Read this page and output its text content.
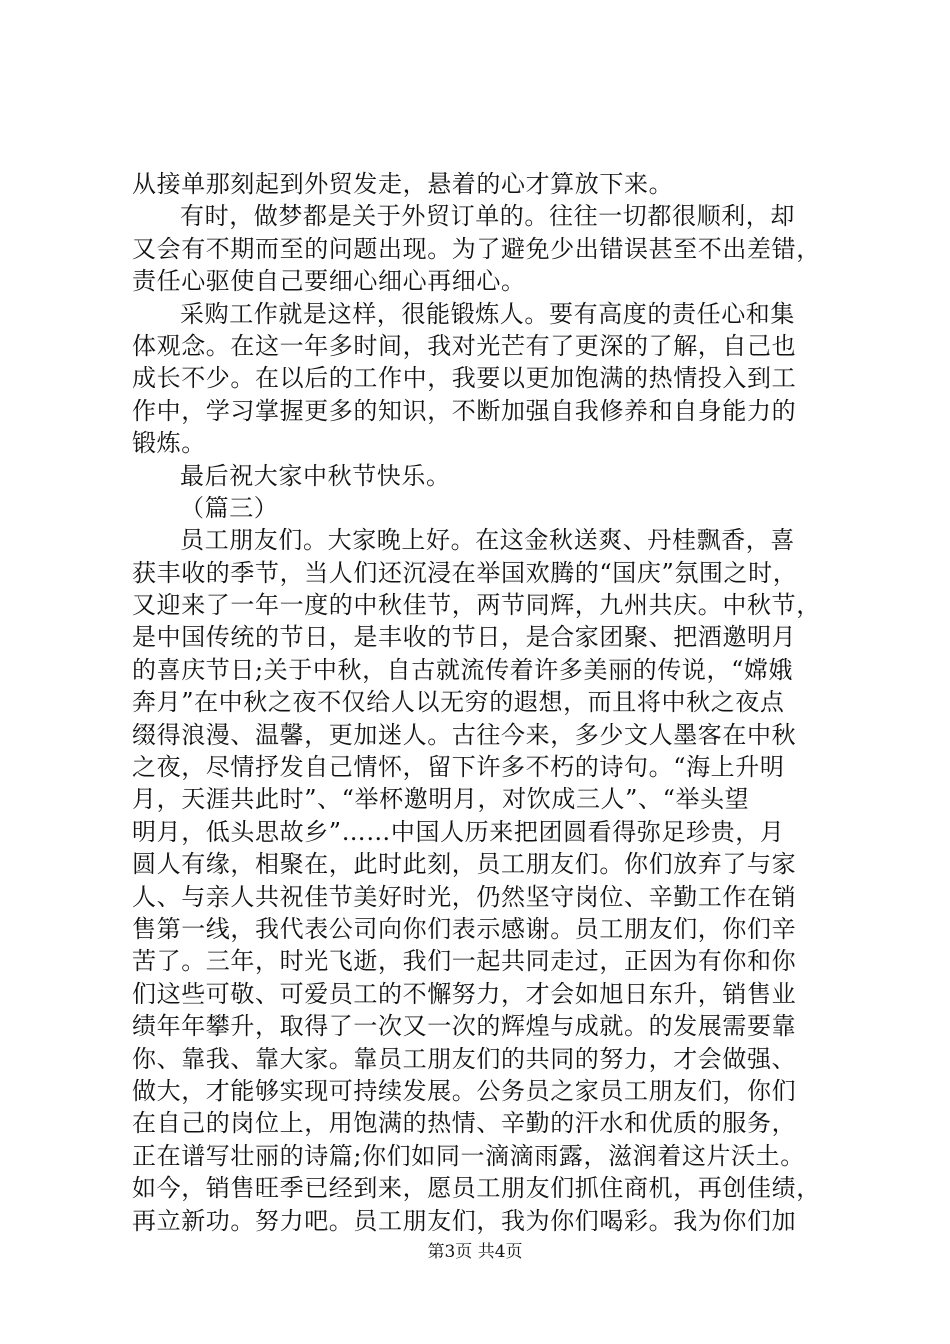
从接单那刻起到外贸发走，悬着的心才算放下来。
有时，做梦都是关于外贸订单的。往往一切都很顺利，却
又会有不期而至的问题出现。为了避免少出错误甚至不出差错，
责任心驱使自己要细心细心再细心。
采购工作就是这样，很能锻炼人。要有高度的责任心和集
体观念。在这一年多时间，我对光芒有了更深的了解，自己也
成长不少。在以后的工作中，我要以更加饱满的热情投入到工
作中，学习掌握更多的知识，不断加强自我修养和自身能力的
锻炼。
最后祝大家中秋节快乐。
（篇三）
员工朋友们。大家晚上好。在这金秋送爽、丹桂飘香，喜
获丰收的季节，当人们还沉浸在举国欢腾的“国庆”氛围之时，
又迎来了一年一度的中秋佳节，两节同辉，九州共庆。中秋节，
是中国传统的节日，是丰收的节日，是合家团聚、把酒邀明月
的喜庆节日;关于中秋，自古就流传着许多美丽的传说，“嫦娥
奔月”在中秋之夜不仅给人以无穷的遐想，而且将中秋之夜点
缀得浪漫、温馨，更加迷人。古往今来，多少文人墨客在中秋
之夜，尽情抒发自己情怀，留下许多不朽的诗句。“海上升明
月，天涯共此时”、“举杯邀明月，对饮成三人”、“举头望
明月，低头思故乡”……中国人历来把团圆看得弥足珍贵，月
圆人有缘，相聚在，此时此刻，员工朋友们。你们放弃了与家
人、与亲人共祝佳节美好时光，仍然坚守岗位、辛勤工作在销
售第一线，我代表公司向你们表示感谢。员工朋友们，你们辛
苦了。三年，时光飞逝，我们一起共同走过，正因为有你和你
们这些可敬、可爱员工的不懈努力，才会如旭日东升，销售业
绩年年攀升，取得了一次又一次的辉煌与成就。的发展需要靠
你、靠我、靠大家。靠员工朋友们的共同的努力，才会做强、
做大，才能够实现可持续发展。公务员之家员工朋友们，你们
在自己的岗位上，用饱满的热情、辛勤的汗水和优质的服务，
正在谱写壮丽的诗篇;你们如同一滴滴雨露，滋润着这片沃土。
如今，销售旺季已经到来，愿员工朋友们抓住商机，再创佳绩，
再立新功。努力吧。员工朋友们，我为你们喝彩。我为你们加
第3页 共4页
